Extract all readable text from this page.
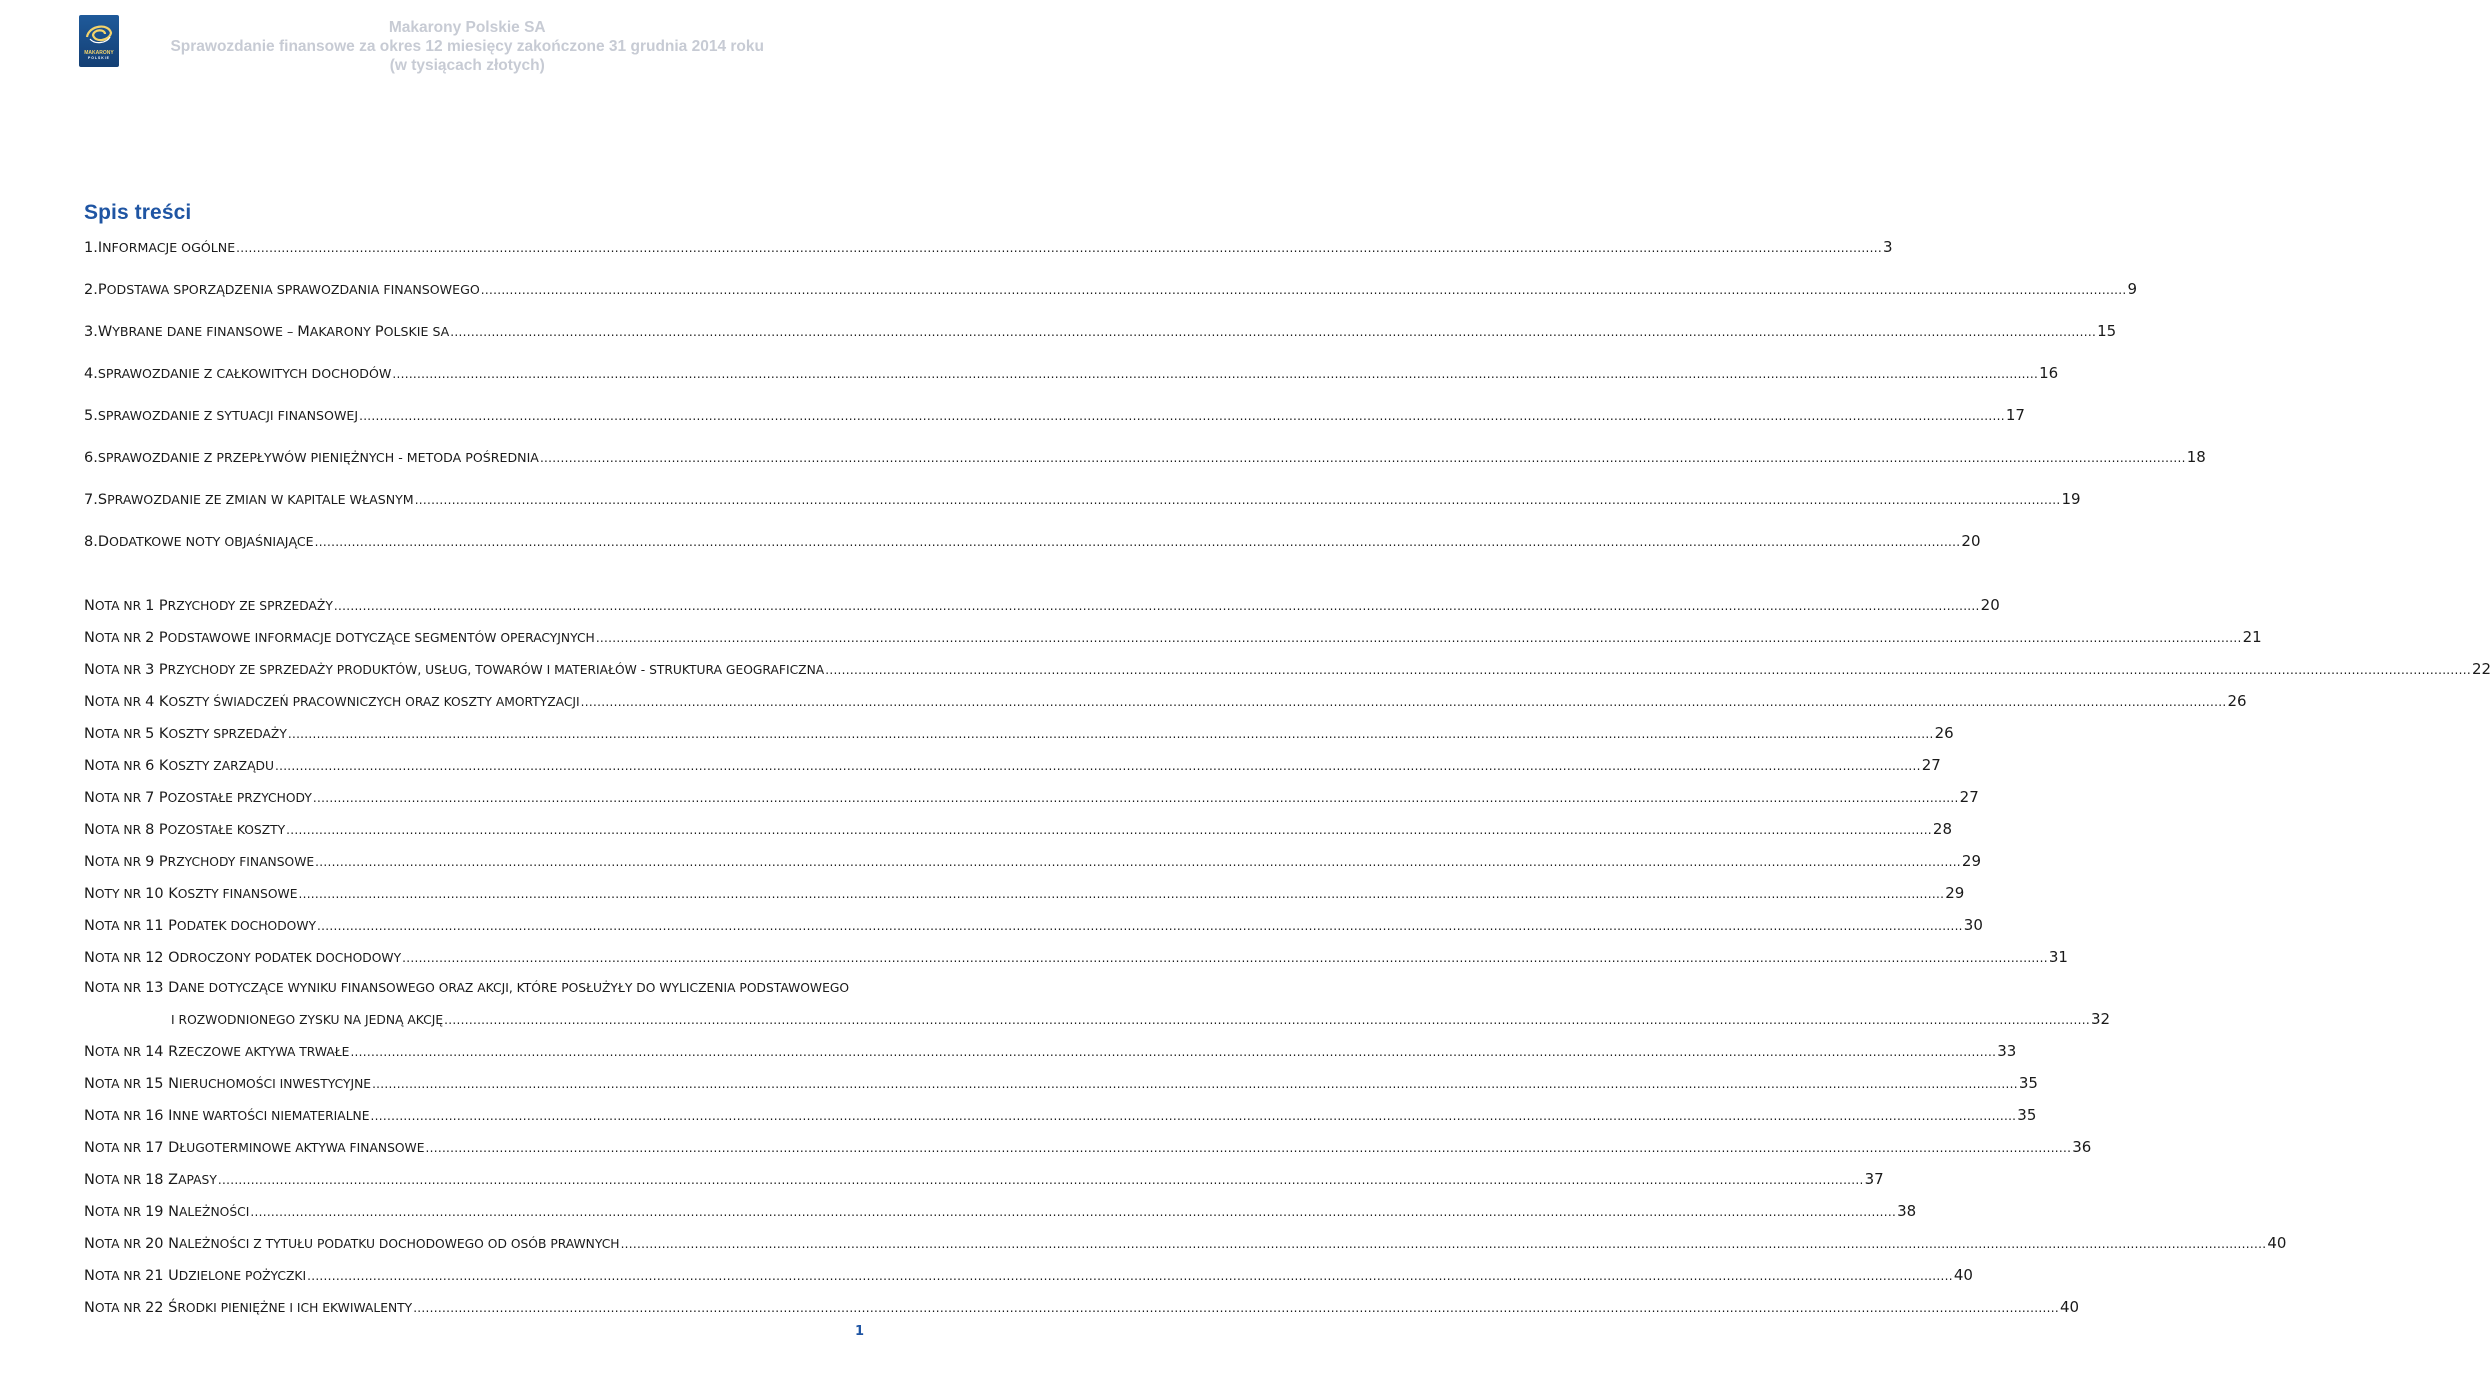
MAKARONY
POLSKIE
Makarony Polskie SA
Sprawozdanie finansowe za okres 12 miesięcy zakończone 31 grudnia 2014 roku
(w tysiącach złotych)
Spis treści
1. INFORMACJE OGÓLNE ................................................................................................................................................................................................................................................................................................................................................................................................................ 3
2. PODSTAWA SPORZĄDZENIA SPRAWOZDANIA FINANSOWEGO ................................................................................................................................................................................................................................................................................................................................................................................................................ 9
3. WYBRANE DANE FINANSOWE – MAKARONY POLSKIE SA ................................................................................................................................................................................................................................................................................................................................................................................................................ 15
4. SPRAWOZDANIE Z CAŁKOWITYCH DOCHODÓW ................................................................................................................................................................................................................................................................................................................................................................................................................ 16
5. SPRAWOZDANIE Z SYTUACJI FINANSOWEJ ................................................................................................................................................................................................................................................................................................................................................................................................................ 17
6. SPRAWOZDANIE Z PRZEPŁYWÓW PIENIĘŻNYCH - METODA POŚREDNIA ................................................................................................................................................................................................................................................................................................................................................................................................................ 18
7. SPRAWOZDANIE ZE ZMIAN W KAPITALE WŁASNYM ................................................................................................................................................................................................................................................................................................................................................................................................................ 19
8. DODATKOWE NOTY OBJAŚNIAJĄCE ................................................................................................................................................................................................................................................................................................................................................................................................................ 20
NOTA NR 1 PRZYCHODY ZE SPRZEDAŻY ................................................................................................................................................................................................................................................................................................................................................................................................................ 20
NOTA NR 2 PODSTAWOWE INFORMACJE DOTYCZĄCE SEGMENTÓW OPERACYJNYCH ................................................................................................................................................................................................................................................................................................................................................................................................................ 21
NOTA NR 3 PRZYCHODY ZE SPRZEDAŻY PRODUKTÓW, USŁUG, TOWARÓW I MATERIAŁÓW - STRUKTURA GEOGRAFICZNA ................................................................................................................................................................................................................................................................................................................................................................................................................ 22
NOTA NR 4 KOSZTY ŚWIADCZEŃ PRACOWNICZYCH ORAZ KOSZTY AMORTYZACJI ................................................................................................................................................................................................................................................................................................................................................................................................................ 26
NOTA NR 5 KOSZTY SPRZEDAŻY ................................................................................................................................................................................................................................................................................................................................................................................................................ 26
NOTA NR 6 KOSZTY ZARZĄDU ................................................................................................................................................................................................................................................................................................................................................................................................................ 27
NOTA NR 7 POZOSTAŁE PRZYCHODY ................................................................................................................................................................................................................................................................................................................................................................................................................ 27
NOTA NR 8 POZOSTAŁE KOSZTY ................................................................................................................................................................................................................................................................................................................................................................................................................ 28
NOTA NR 9 PRZYCHODY FINANSOWE ................................................................................................................................................................................................................................................................................................................................................................................................................ 29
NOTY NR 10 KOSZTY FINANSOWE ................................................................................................................................................................................................................................................................................................................................................................................................................ 29
NOTA NR 11 PODATEK DOCHODOWY ................................................................................................................................................................................................................................................................................................................................................................................................................ 30
NOTA NR 12 ODROCZONY PODATEK DOCHODOWY ................................................................................................................................................................................................................................................................................................................................................................................................................ 31
NOTA NR 13 DANE DOTYCZĄCE WYNIKU FINANSOWEGO ORAZ AKCJI, KTÓRE POSŁUŻYŁY DO WYLICZENIA PODSTAWOWEGO
I ROZWODNIONEGO ZYSKU NA JEDNĄ AKCJĘ ................................................................................................................................................................................................................................................................................................................................................................................................................ 32
NOTA NR 14 RZECZOWE AKTYWA TRWAŁE ................................................................................................................................................................................................................................................................................................................................................................................................................ 33
NOTA NR 15 NIERUCHOMOŚCI INWESTYCYJNE ................................................................................................................................................................................................................................................................................................................................................................................................................ 35
NOTA NR 16 INNE WARTOŚCI NIEMATERIALNE ................................................................................................................................................................................................................................................................................................................................................................................................................ 35
NOTA NR 17 DŁUGOTERMINOWE AKTYWA FINANSOWE ................................................................................................................................................................................................................................................................................................................................................................................................................ 36
NOTA NR 18 ZAPASY ................................................................................................................................................................................................................................................................................................................................................................................................................ 37
NOTA NR 19 NALEŻNOŚCI ................................................................................................................................................................................................................................................................................................................................................................................................................ 38
NOTA NR 20 NALEŻNOŚCI Z TYTUŁU PODATKU DOCHODOWEGO OD OSÓB PRAWNYCH ................................................................................................................................................................................................................................................................................................................................................................................................................ 40
NOTA NR 21 UDZIELONE POŻYCZKI ................................................................................................................................................................................................................................................................................................................................................................................................................ 40
NOTA NR 22 ŚRODKI PIENIĘŻNE I ICH EKWIWALENTY ................................................................................................................................................................................................................................................................................................................................................................................................................ 40
1
